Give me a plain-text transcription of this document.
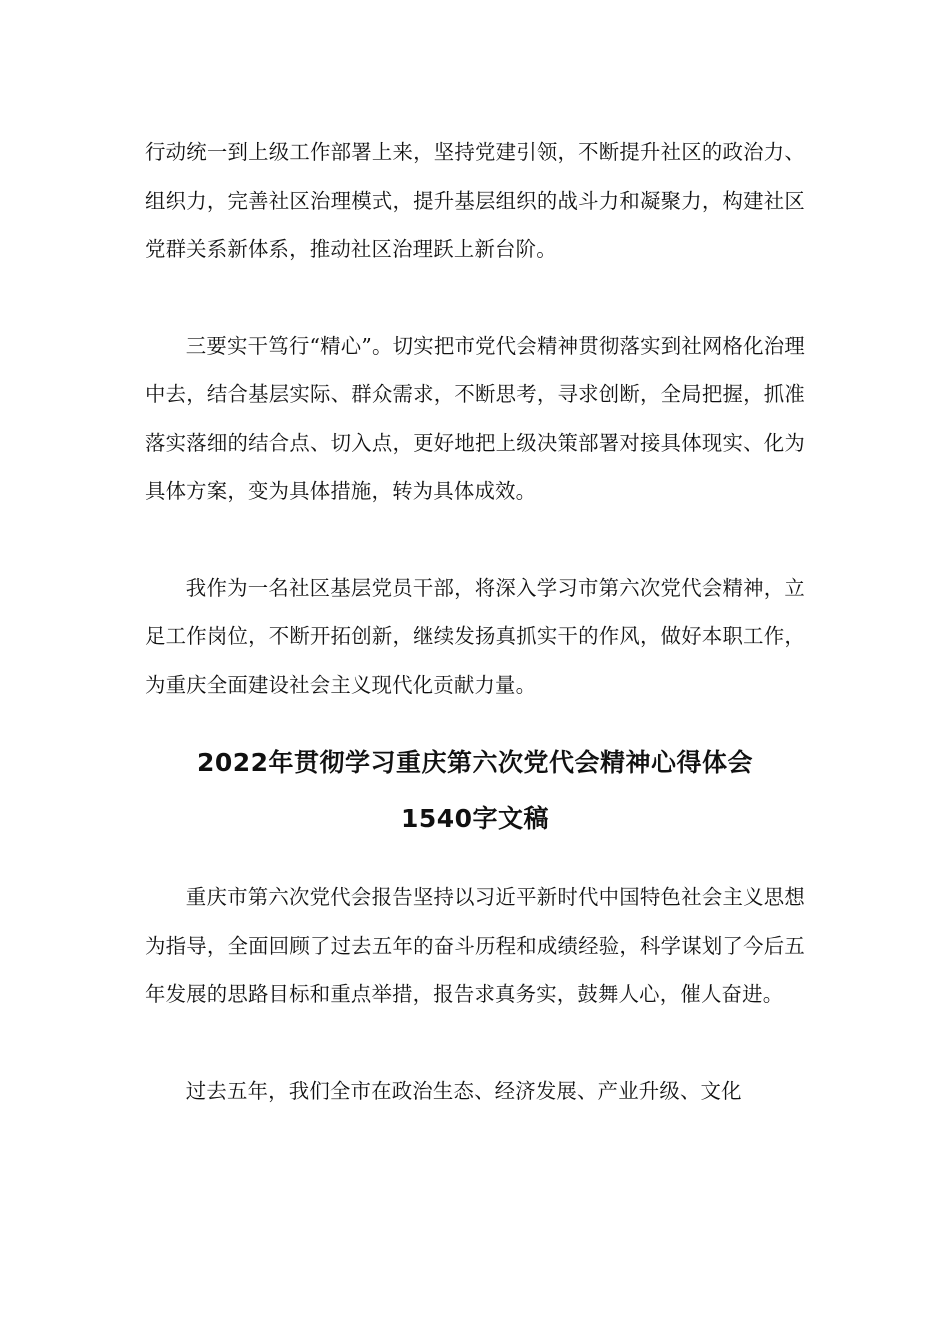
行动统一到上级工作部署上来，坚持党建引领，不断提升社区的政治力、组织力，完善社区治理模式，提升基层组织的战斗力和凝聚力，构建社区党群关系新体系，推动社区治理跃上新台阶。

三要实干笃行“精心”。切实把市党代会精神贯彻落实到社网格化治理中去，结合基层实际、群众需求，不断思考，寻求创断，全局把握，抓准落实落细的结合点、切入点，更好地把上级决策部署对接具体现实、化为具体方案，变为具体措施，转为具体成效。

我作为一名社区基层党员干部，将深入学习市第六次党代会精神，立足工作岗位，不断开拓创新，继续发扬真抓实干的作风，做好本职工作，为重庆全面建设社会主义现代化贡献力量。

2022年贯彻学习重庆第六次党代会精神心得体会
1540字文稿

重庆市第六次党代会报告坚持以习近平新时代中国特色社会主义思想为指导，全面回顾了过去五年的奋斗历程和成绩经验，科学谋划了今后五年发展的思路目标和重点举措，报告求真务实，鼓舞人心，催人奋进。

过去五年，我们全市在政治生态、经济发展、产业升级、文化
